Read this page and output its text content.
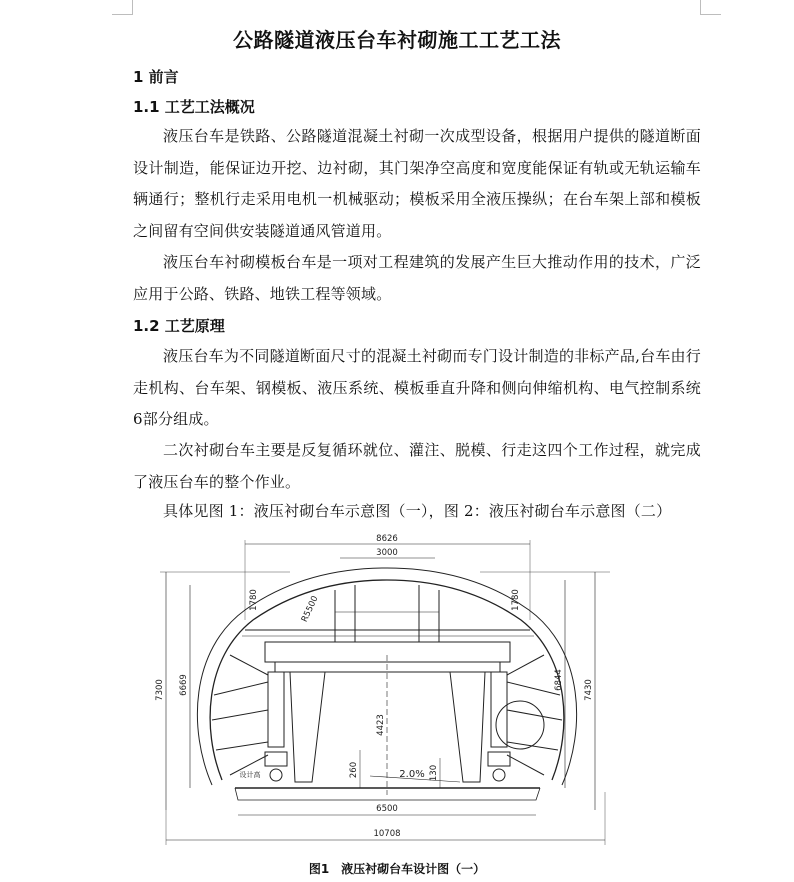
公路隧道液压台车衬砌施工工艺工法
1 前言
1.1 工艺工法概况
液压台车是铁路、公路隧道混凝土衬砌一次成型设备，根据用户提供的隧道断面设计制造，能保证边开挖、边衬砌，其门架净空高度和宽度能保证有轨或无轨运输车辆通行；整机行走采用电机一机械驱动；模板采用全液压操纵；在台车架上部和模板之间留有空间供安装隧道通风管道用。
液压台车衬砌模板台车是一项对工程建筑的发展产生巨大推动作用的技术，广泛应用于公路、铁路、地铁工程等领域。
1.2 工艺原理
液压台车为不同隧道断面尺寸的混凝土衬砌而专门设计制造的非标产品,台车由行走机构、台车架、钢模板、液压系统、模板垂直升降和侧向伸缩机构、电气控制系统6部分组成。
二次衬砌台车主要是反复循环就位、灌注、脱模、行走这四个工作过程，就完成了液压台车的整个作业。
具体见图 1：液压衬砌台车示意图（一），图 2：液压衬砌台车示意图（二）
8626
3000
1780	1780
R5500
7300 6669
4423
6844 7430
260	130
2.0%
6500
10708
设计高
图1　液压衬砌台车设计图（一）
